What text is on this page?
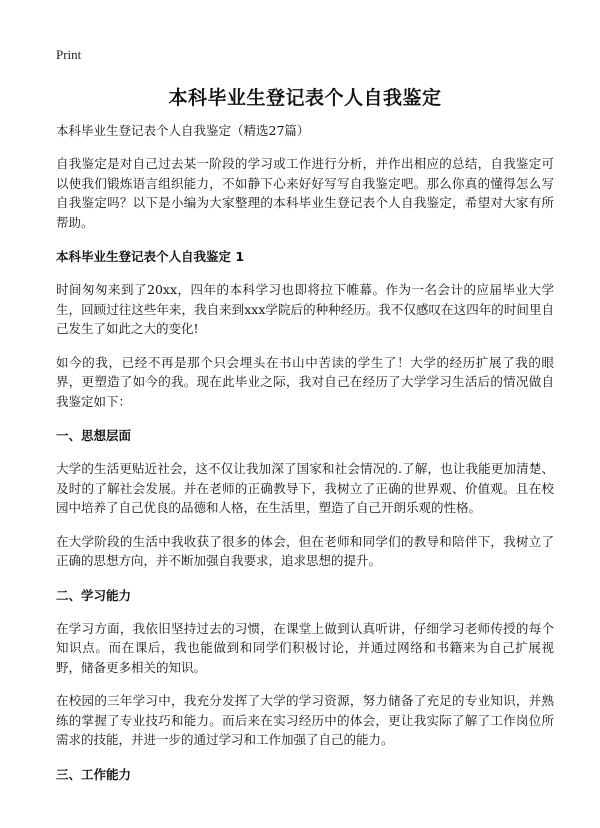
Print
本科毕业生登记表个人自我鉴定
本科毕业生登记表个人自我鉴定（精选27篇）

自我鉴定是对自己过去某一阶段的学习或工作进行分析，并作出相应的总结，自我鉴定可以使我们锻炼语言组织能力，不如静下心来好好写写自我鉴定吧。那么你真的懂得怎么写自我鉴定吗？以下是小编为大家整理的本科毕业生登记表个人自我鉴定，希望对大家有所帮助。

本科毕业生登记表个人自我鉴定 1

时间匆匆来到了20xx，四年的本科学习也即将拉下帷幕。作为一名会计的应届毕业大学生，回顾过往这些年来，我自来到xxx学院后的种种经历。我不仅感叹在这四年的时间里自己发生了如此之大的变化!

如今的我，已经不再是那个只会埋头在书山中苦读的学生了！大学的经历扩展了我的眼界，更塑造了如今的我。现在此毕业之际，我对自己在经历了大学学习生活后的情况做自我鉴定如下：

一、思想层面

大学的生活更贴近社会，这不仅让我加深了国家和社会情况的.了解，也让我能更加清楚、及时的了解社会发展。并在老师的正确教导下，我树立了正确的世界观、价值观。且在校园中培养了自己优良的品德和人格，在生活里，塑造了自己开朗乐观的性格。

在大学阶段的生活中我收获了很多的体会，但在老师和同学们的教导和陪伴下，我树立了正确的思想方向，并不断加强自我要求，追求思想的提升。

二、学习能力

在学习方面，我依旧坚持过去的习惯，在课堂上做到认真听讲，仔细学习老师传授的每个知识点。而在课后，我也能做到和同学们积极讨论，并通过网络和书籍来为自己扩展视野，储备更多相关的知识。

在校园的三年学习中，我充分发挥了大学的学习资源，努力储备了充足的专业知识，并熟练的掌握了专业技巧和能力。而后来在实习经历中的体会，更让我实际了解了工作岗位所需求的技能，并进一步的通过学习和工作加强了自己的能力。

三、工作能力
